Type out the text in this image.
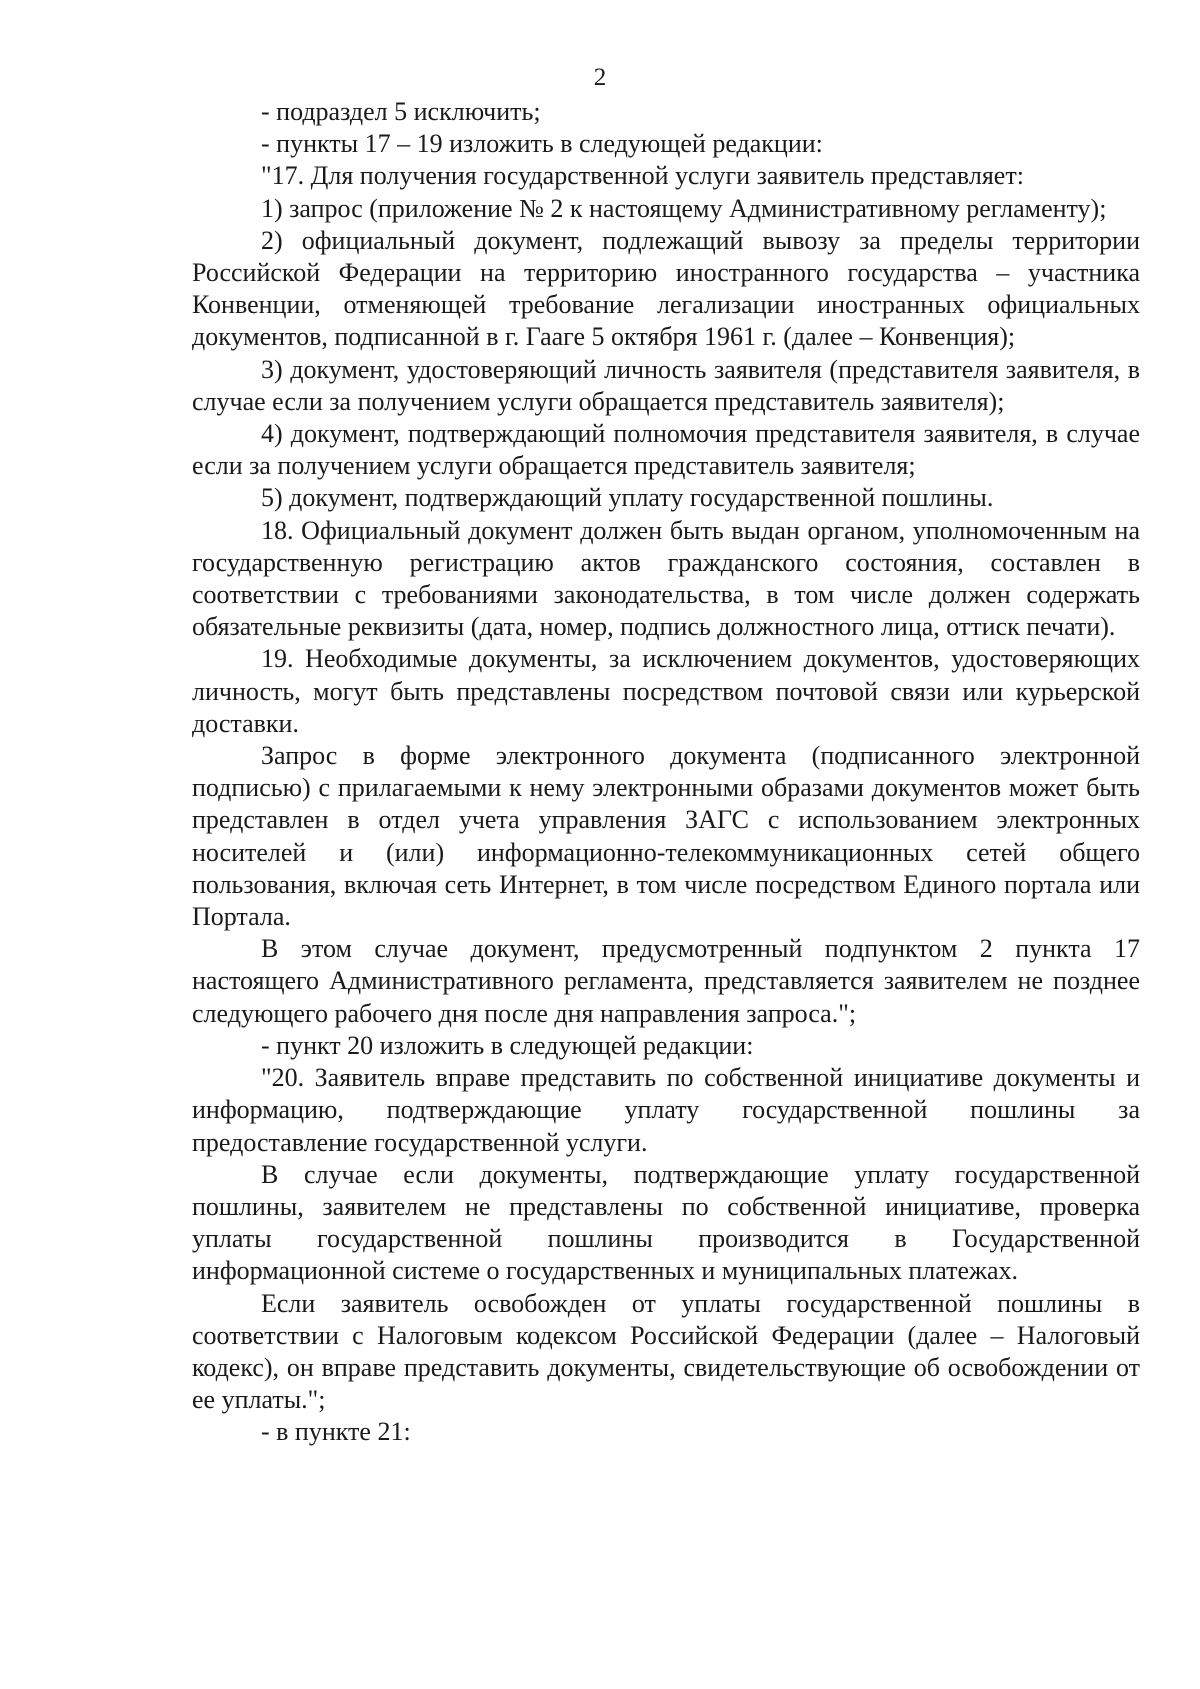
2

- подраздел 5 исключить;

- пункты 17 – 19 изложить в следующей редакции:

"17. Для получения государственной услуги заявитель представляет:

1) запрос (приложение № 2 к настоящему Административному регламенту);

2) официальный документ, подлежащий вывозу за пределы территории Российской Федерации на территорию иностранного государства – участника Конвенции, отменяющей требование легализации иностранных официальных документов, подписанной в г. Гааге 5 октября 1961 г. (далее – Конвенция);

3) документ, удостоверяющий личность заявителя (представителя заявителя, в случае если за получением услуги обращается представитель заявителя);

4) документ, подтверждающий полномочия представителя заявителя, в случае если за получением услуги обращается представитель заявителя;

5) документ, подтверждающий уплату государственной пошлины.

18. Официальный документ должен быть выдан органом, уполномоченным на государственную регистрацию актов гражданского состояния, составлен в соответствии с требованиями законодательства, в том числе должен содержать обязательные реквизиты (дата, номер, подпись должностного лица, оттиск печати).

19. Необходимые документы, за исключением документов, удостоверяющих личность, могут быть представлены посредством почтовой связи или курьерской доставки.

Запрос в форме электронного документа (подписанного электронной подписью) с прилагаемыми к нему электронными образами документов может быть представлен в отдел учета управления ЗАГС с использованием электронных носителей и (или) информационно-телекоммуникационных сетей общего пользования, включая сеть Интернет, в том числе посредством Единого портала или Портала.

В этом случае документ, предусмотренный подпунктом 2 пункта 17 настоящего Административного регламента, представляется заявителем не позднее следующего рабочего дня после дня направления запроса.";

- пункт 20 изложить в следующей редакции:

"20. Заявитель вправе представить по собственной инициативе документы и информацию, подтверждающие уплату государственной пошлины за предоставление государственной услуги.

В случае если документы, подтверждающие уплату государственной пошлины, заявителем не представлены по собственной инициативе, проверка уплаты государственной пошлины производится в Государственной информационной системе о государственных и муниципальных платежах.

Если заявитель освобожден от уплаты государственной пошлины в соответствии с Налоговым кодексом Российской Федерации (далее – Налоговый кодекс), он вправе представить документы, свидетельствующие об освобождении от ее уплаты.";

- в пункте 21:
